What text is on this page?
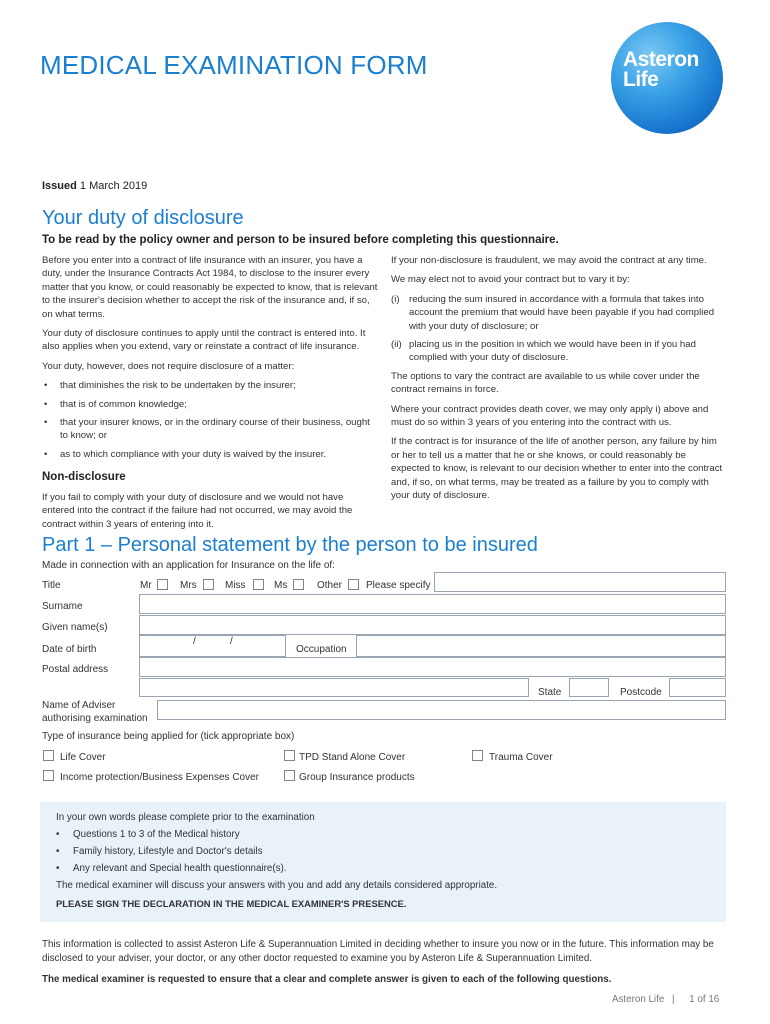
MEDICAL EXAMINATION FORM	Asteron
Life
Issued 1 March 2019
Your duty of disclosure
To be read by the policy owner and person to be insured before completing this questionnaire.

Before you enter into a contract of life insurance with an insurer, you have a duty, under the Insurance Contracts Act 1984, to disclose to the insurer every matter that you know, or could reasonably be expected to know, that is relevant to the insurer's decision whether to accept the risk of the insurance and, if so, on what terms.

Your duty of disclosure continues to apply until the contract is entered into. It also applies when you extend, vary or reinstate a contract of life insurance.

Your duty, however, does not require disclosure of a matter:

• that diminishes the risk to be undertaken by the insurer;
• that is of common knowledge;
• that your insurer knows, or in the ordinary course of their business, ought to know; or
• as to which compliance with your duty is waived by the insurer.
Non-disclosure

If you fail to comply with your duty of disclosure and we would not have entered into the contract if the failure had not occurred, we may avoid the contract within 3 years of entering into it.

If your non-disclosure is fraudulent, we may avoid the contract at any time.

We may elect not to avoid your contract but to vary it by:

(i) reducing the sum insured in accordance with a formula that takes into account the premium that would have been payable if you had complied with your duty of disclosure; or
(ii) placing us in the position in which we would have been in if you had complied with your duty of disclosure.

The options to vary the contract are available to us while cover under the contract remains in force.

Where your contract provides death cover, we may only apply i) above and must do so within 3 years of you entering into the contract with us.

If the contract is for insurance of the life of another person, any failure by him or her to tell us a matter that he or she knows, or could reasonably be expected to know, is relevant to our decision whether to enter into the contract and, if so, on what terms, may be treated as a failure by you to comply with your duty of disclosure.

Part 1 – Personal statement by the person to be insured
Made in connection with an application for Insurance on the life of:
Title	Mr	Mrs	Miss	Ms	Other Please specify
Surname
Given name(s)
Date of birth
/	/
Occupation
Postal address
State	Postcode
Name of Adviser
authorising examination
Type of insurance being applied for (tick appropriate box)
Life Cover	TPD Stand Alone Cover	Trauma Cover
Income protection/Business Expenses Cover	Group Insurance products
In your own words please complete prior to the examination
• Questions 1 to 3 of the Medical history
• Family history, Lifestyle and Doctor's details
• Any relevant and Special health questionnaire(s).
The medical examiner will discuss your answers with you and add any details considered appropriate.
PLEASE SIGN THE DECLARATION IN THE MEDICAL EXAMINER'S PRESENCE.
This information is collected to assist Asteron Life & Superannuation Limited in deciding whether to insure you now or in the future. This information may be disclosed to your adviser, your doctor, or any other doctor requested to examine you by Asteron Life & Superannuation Limited.
The medical examiner is requested to ensure that a clear and complete answer is given to each of the following questions.
Asteron Life | 1 of 16
